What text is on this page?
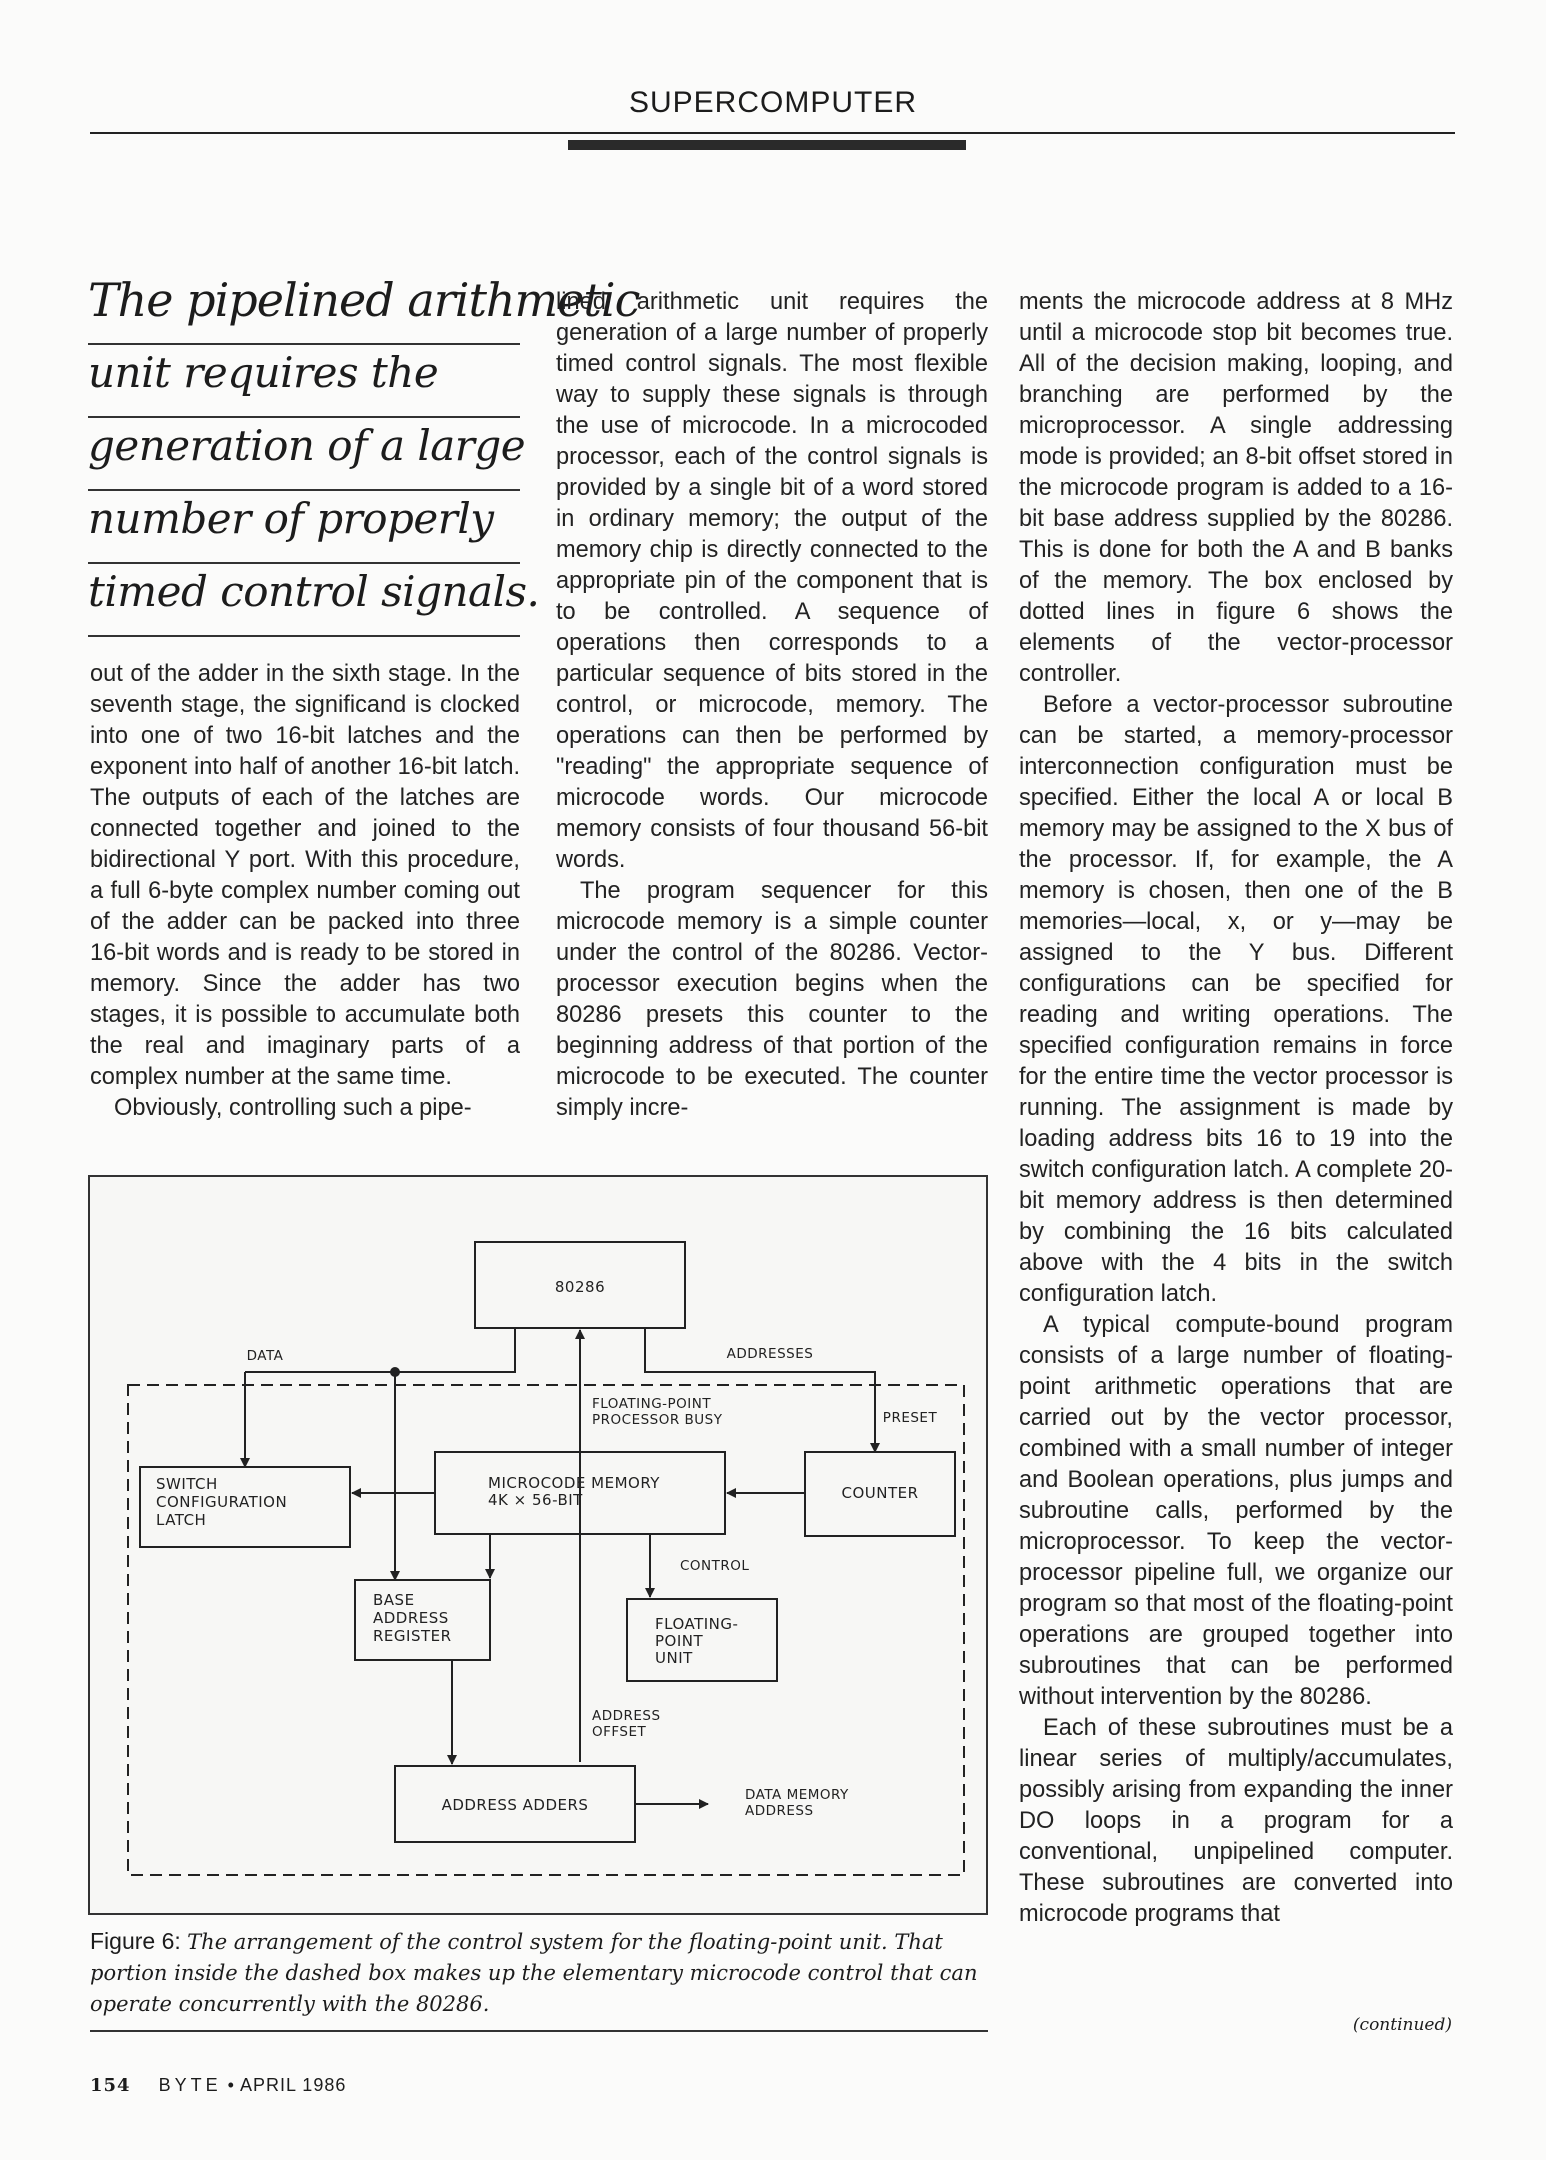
SUPERCOMPUTER
The pipelined arithmetic
unit requires the
generation of a large
number of properly
timed control signals.

out of the adder in the sixth stage. In the seventh stage, the significand is clocked into one of two 16-bit latches and the exponent into half of another 16-bit latch. The outputs of each of the latches are connected together and joined to the bidirectional Y port. With this procedure, a full 6-byte complex number coming out of the adder can be packed into three 16-bit words and is ready to be stored in memory. Since the adder has two stages, it is possible to accumulate both the real and imaginary parts of a complex number at the same time.

Obviously, controlling such a pipe-

lined arithmetic unit requires the generation of a large number of properly timed control signals. The most flexible way to supply these signals is through the use of microcode. In a microcoded processor, each of the control signals is provided by a single bit of a word stored in ordinary memory; the output of the memory chip is directly connected to the appropriate pin of the component that is to be controlled. A sequence of operations then corresponds to a particular sequence of bits stored in the control, or microcode, memory. The operations can then be performed by "reading" the appropriate sequence of microcode words. Our microcode memory consists of four thousand 56-bit words.

The program sequencer for this microcode memory is a simple counter under the control of the 80286. Vector-processor execution begins when the 80286 presets this counter to the beginning address of that portion of the microcode to be executed. The counter simply incre-

ments the microcode address at 8 MHz until a microcode stop bit becomes true. All of the decision making, looping, and branching are performed by the microprocessor. A single addressing mode is provided; an 8-bit offset stored in the microcode program is added to a 16-bit base address supplied by the 80286. This is done for both the A and B banks of the memory. The box enclosed by dotted lines in figure 6 shows the elements of the vector-processor controller.

Before a vector-processor subroutine can be started, a memory-processor interconnection configuration must be specified. Either the local A or local B memory may be assigned to the X bus of the processor. If, for example, the A memory is chosen, then one of the B memories—local, x, or y—may be assigned to the Y bus. Different configurations can be specified for reading and writing operations. The specified configuration remains in force for the entire time the vector processor is running. The assignment is made by loading address bits 16 to 19 into the switch configuration latch. A complete 20-bit memory address is then determined by combining the 16 bits calculated above with the 4 bits in the switch configuration latch.

A typical compute-bound program consists of a large number of floating-point arithmetic operations that are carried out by the vector processor, combined with a small number of integer and Boolean operations, plus jumps and subroutine calls, performed by the microprocessor. To keep the vector-processor pipeline full, we organize our program so that most of the floating-point operations are grouped together into subroutines that can be performed without intervention by the 80286.

Each of these subroutines must be a linear series of multiply/accumulates, possibly arising from expanding the inner DO loops in a program for a conventional, unpipelined computer. These subroutines are converted into microcode programs that

(continued)
80286
DATA	ADDRESSES
FLOATING-POINT
PROCESSOR BUSY	PRESET
SWITCH
CONFIGURATION
LATCH
MICROCODE MEMORY
4K × 56-BIT	COUNTER
CONTROL
BASE
ADDRESS
REGISTER
FLOATING-
POINT
UNIT
ADDRESS
OFFSET
ADDRESS ADDERS
DATA MEMORY
ADDRESS
Figure 6: The arrangement of the control system for the floating-point unit. That portion inside the dashed box makes up the elementary microcode control that can operate concurrently with the 80286.
154 BYTE • APRIL 1986
